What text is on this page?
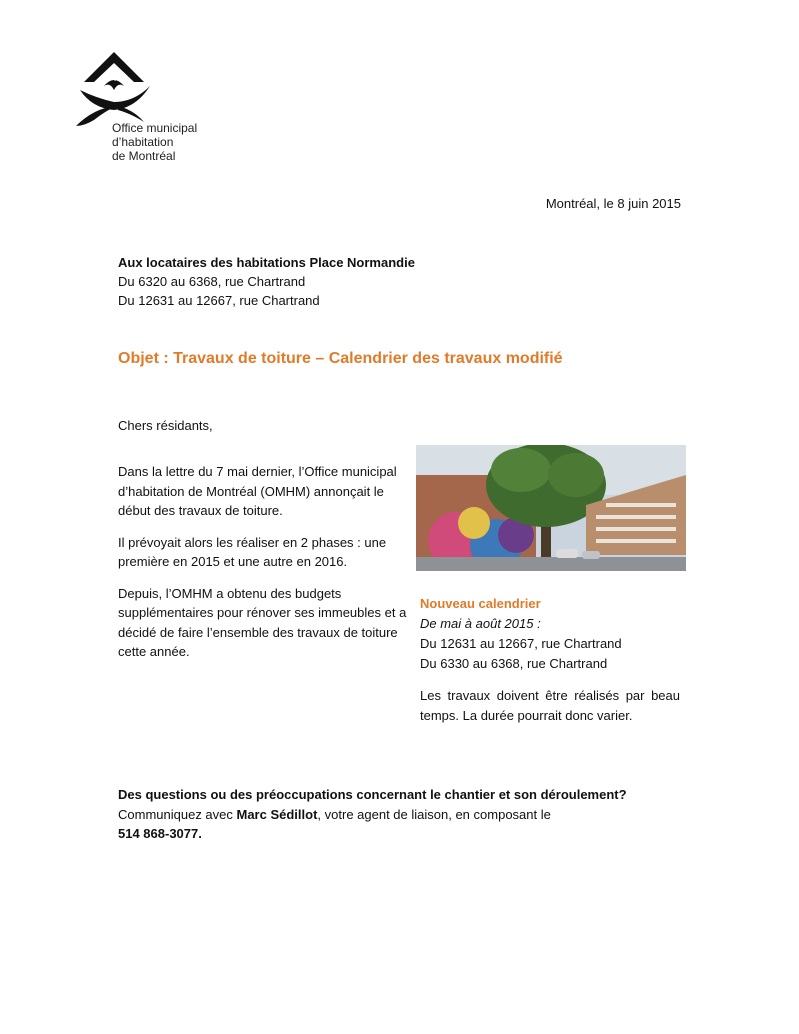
Office municipal
d’habitation
de Montréal
Montréal, le 8 juin 2015
Aux locataires des habitations Place Normandie
Du 6320 au 6368, rue Chartrand
Du 12631 au 12667, rue Chartrand
Objet : Travaux de toiture – Calendrier des travaux modifié
Chers résidants,

Dans la lettre du 7 mai dernier, l’Office municipal d’habitation de Montréal (OMHM) annonçait le début des travaux de toiture.

Il prévoyait alors les réaliser en 2 phases : une première en 2015 et une autre en 2016.

Depuis, l’OMHM a obtenu des budgets supplémentaires pour rénover ses immeubles et a décidé de faire l’ensemble des travaux de toiture cette année.

Nouveau calendrier
De mai à août 2015 :
Du 12631 au 12667, rue Chartrand
Du 6330 au 6368, rue Chartrand

Les travaux doivent être réalisés par beau temps. La durée pourrait donc varier.

Des questions ou des préoccupations concernant le chantier et son déroulement?
Communiquez avec Marc Sédillot, votre agent de liaison, en composant le
514 868-3077.
